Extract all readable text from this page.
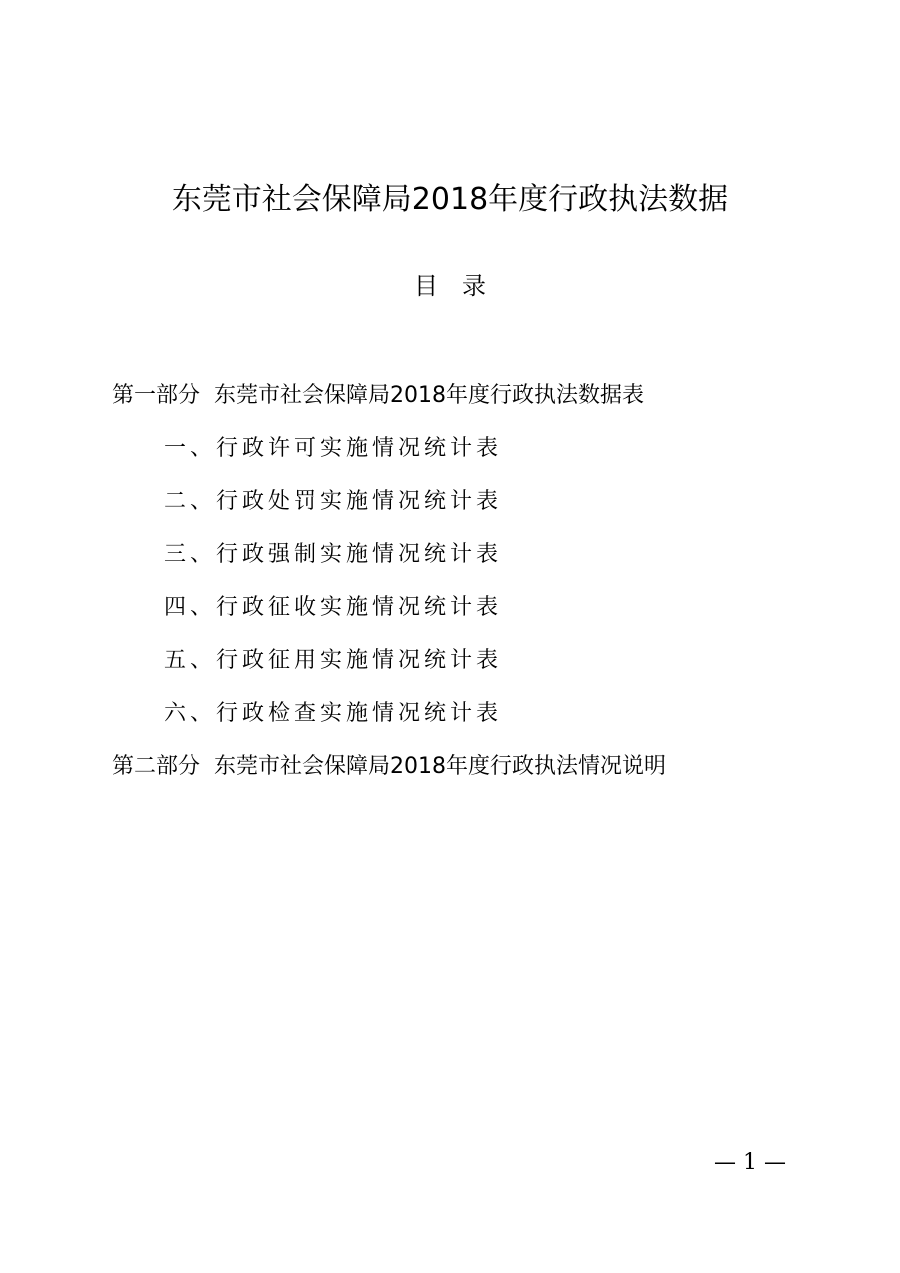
东莞市社会保障局2018年度行政执法数据
目 录
第一部分 东莞市社会保障局2018年度行政执法数据表
一、行政许可实施情况统计表
二、行政处罚实施情况统计表
三、行政强制实施情况统计表
四、行政征收实施情况统计表
五、行政征用实施情况统计表
六、行政检查实施情况统计表
第二部分 东莞市社会保障局2018年度行政执法情况说明
— 1 —
